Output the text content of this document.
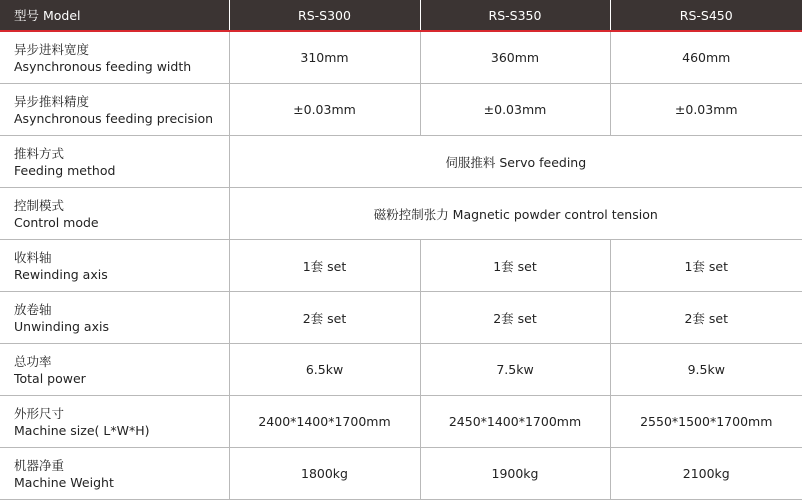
型号 Model	RS-S300	RS-S350	RS-S450

异步进料宽度
Asynchronous feeding width	310mm	360mm	460mm

异步推料精度
Asynchronous feeding precision	±0.03mm	±0.03mm	±0.03mm

推料方式
Feeding method	伺服推料 Servo feeding		

控制模式
Control mode	磁粉控制张力 Magnetic powder control tension		

收料轴
Rewinding axis	1套 set	1套 set	1套 set

放卷轴
Unwinding axis	2套 set	2套 set	2套 set

总功率
Total power	6.5kw	7.5kw	9.5kw

外形尺寸
Machine size( L*W*H)	2400*1400*1700mm	2450*1400*1700mm	2550*1500*1700mm

机器净重
Machine Weight	1800kg	1900kg	2100kg
